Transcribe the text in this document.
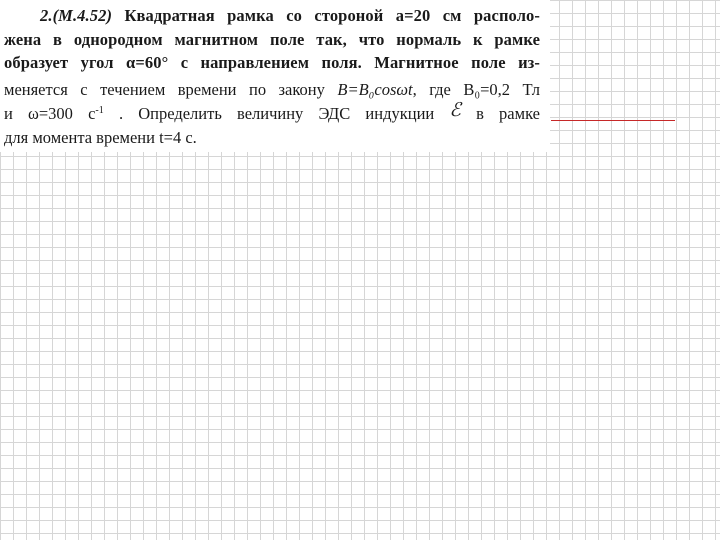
2.(М.4.52) Квадратная рамка со стороной a=20 см располо-
жена в однородном магнитном поле так, что нормаль к рамке
образует угол α=60° с направлением поля. Магнитное поле из-
меняется с течением времени по закону B=B₀cosωt, где B₀=0,2 Тл
и ω=300 $с^{-1}$ . Определить величину ЭДС индукции ℰ в рамке
для момента времени t=4 с.
